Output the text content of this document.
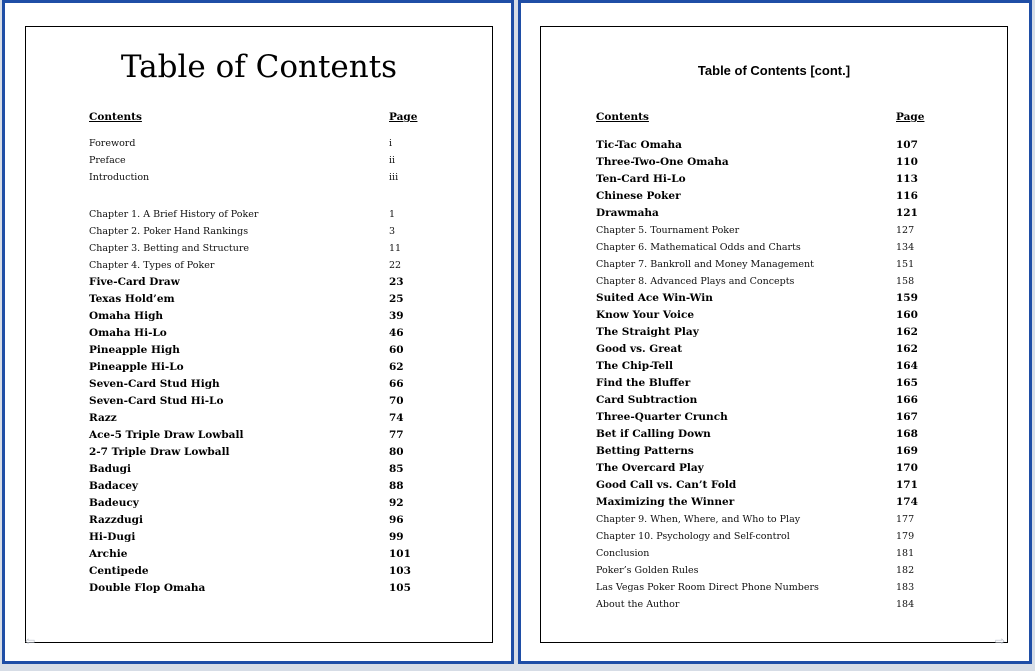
Table of Contents
Contents	Page
Foreword	i
Preface	ii
Introduction	iii
Chapter 1. A Brief History of Poker	1
Chapter 2. Poker Hand Rankings	3
Chapter 3. Betting and Structure	11
Chapter 4. Types of Poker	22
Five-Card Draw	23
Texas Hold’em	25
Omaha High	39
Omaha Hi-Lo	46
Pineapple High	60
Pineapple Hi-Lo	62
Seven-Card Stud High	66
Seven-Card Stud Hi-Lo	70
Razz	74
Ace-5 Triple Draw Lowball	77
2-7 Triple Draw Lowball	80
Badugi	85
Badacey	88
Badeucy	92
Razzdugi	96
Hi-Dugi	99
Archie	101
Centipede	103
Double Flop Omaha	105
⇦
Table of Contents [cont.]
Contents	Page
Tic-Tac Omaha	107
Three-Two-One Omaha	110
Ten-Card Hi-Lo	113
Chinese Poker	116
Drawmaha	121
Chapter 5. Tournament Poker	127
Chapter 6. Mathematical Odds and Charts	134
Chapter 7. Bankroll and Money Management	151
Chapter 8. Advanced Plays and Concepts	158
Suited Ace Win-Win	159
Know Your Voice	160
The Straight Play	162
Good vs. Great	162
The Chip-Tell	164
Find the Bluffer	165
Card Subtraction	166
Three-Quarter Crunch	167
Bet if Calling Down	168
Betting Patterns	169
The Overcard Play	170
Good Call vs. Can’t Fold	171
Maximizing the Winner	174
Chapter 9. When, Where, and Who to Play	177
Chapter 10. Psychology and Self-control	179
Conclusion	181
Poker’s Golden Rules	182
Las Vegas Poker Room Direct Phone Numbers	183
About the Author	184
⇨
